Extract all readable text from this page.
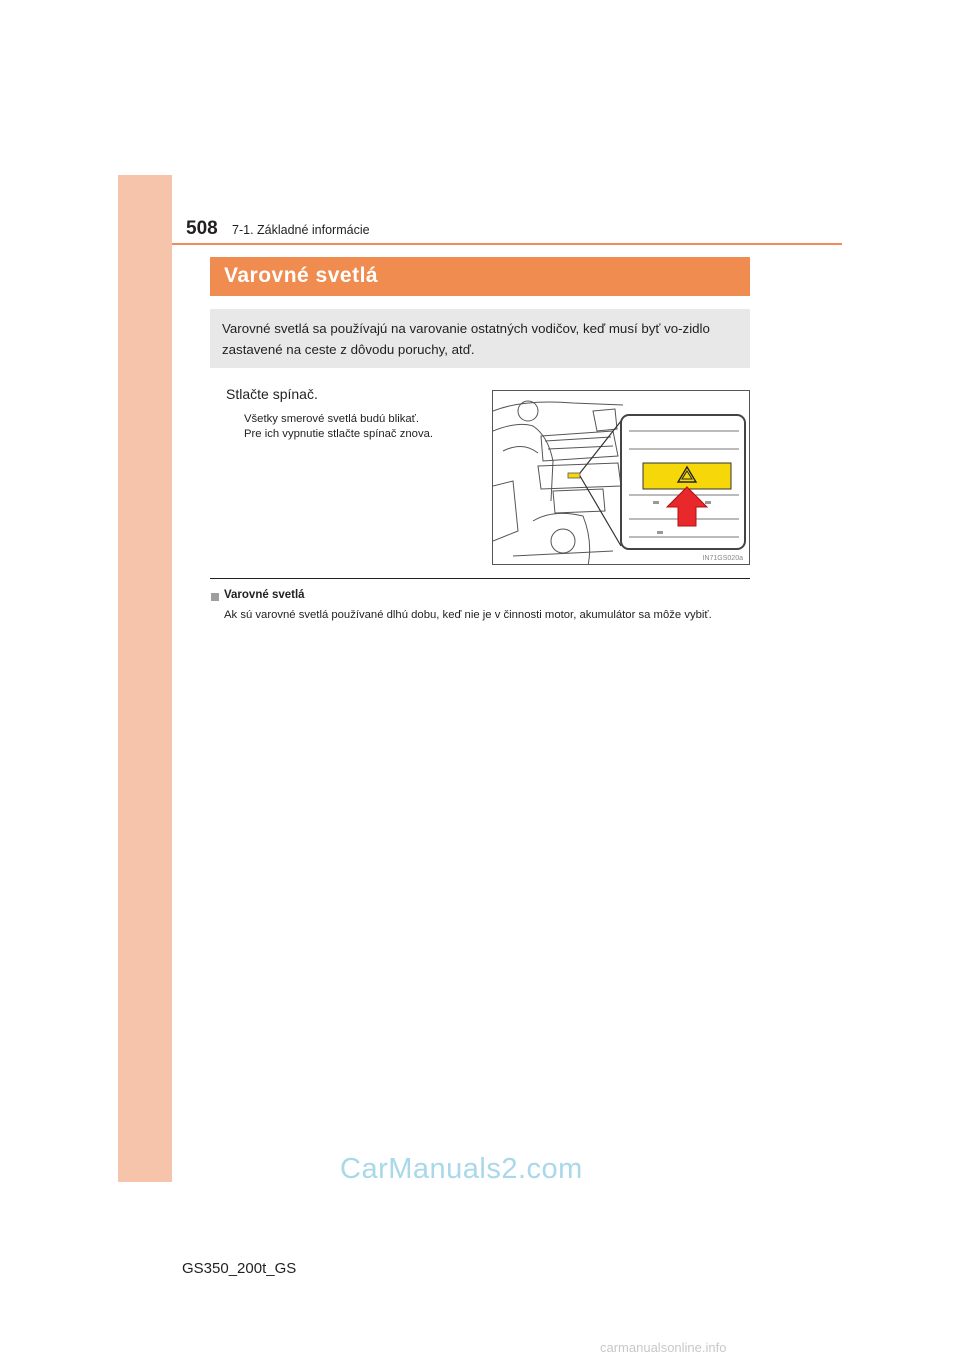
508 7-1. Základné informácie
Varovné svetlá
Varovné svetlá sa používajú na varovanie ostatných vodičov, keď musí byť vo-zidlo zastavené na ceste z dôvodu poruchy, atď.
Stlačte spínač.
Všetky smerové svetlá budú blikať.
Pre ich vypnutie stlačte spínač znova.
IN71GS020a
Varovné svetlá
Ak sú varovné svetlá používané dlhú dobu, keď nie je v činnosti motor, akumulátor sa môže vybiť.
CarManuals2.com
carmanualsonline.info
GS350_200t_GS
